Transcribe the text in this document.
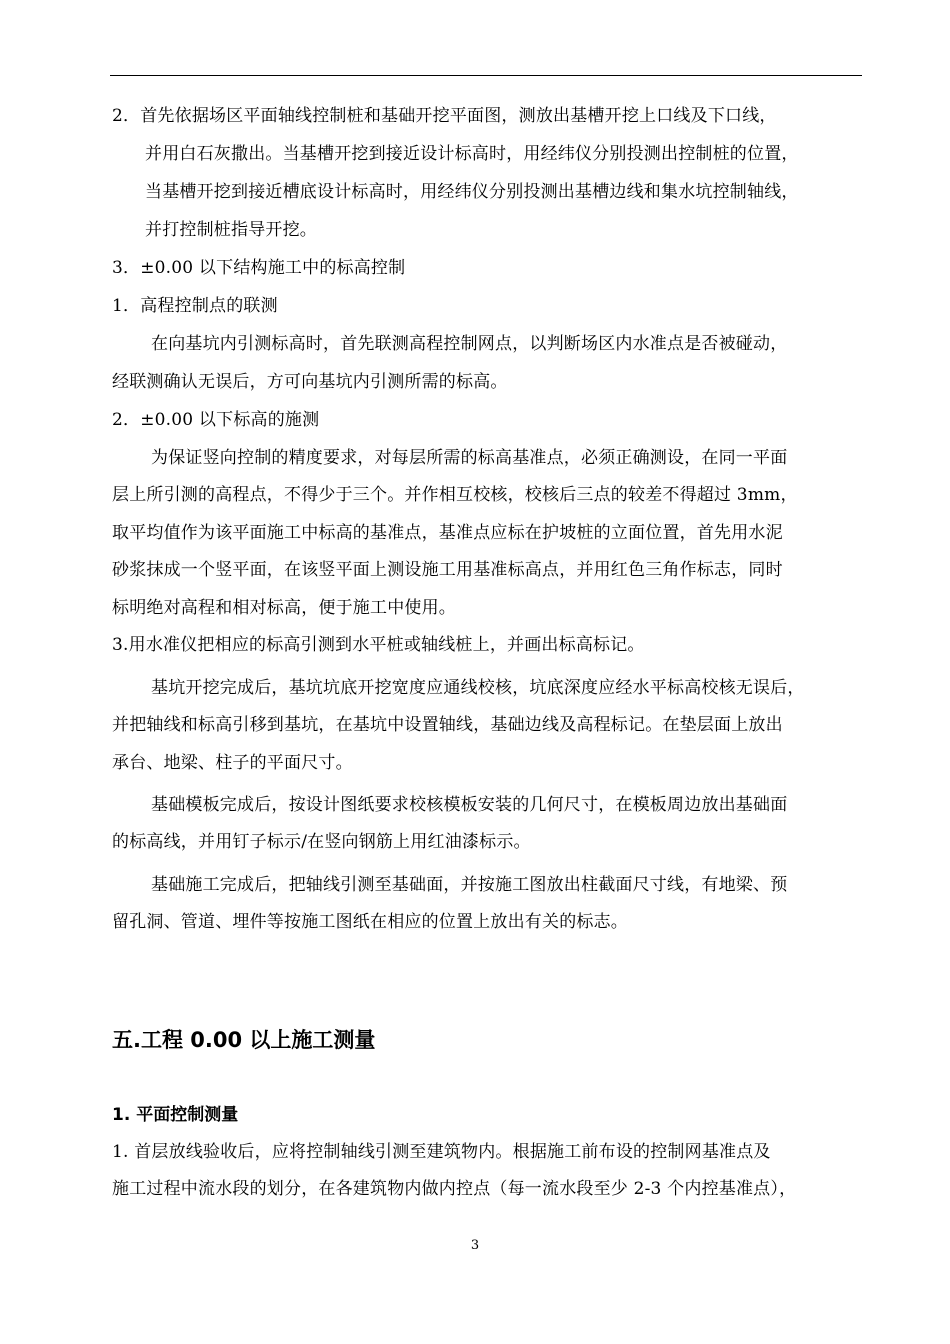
2．首先依据场区平面轴线控制桩和基础开挖平面图，测放出基槽开挖上口线及下口线，
并用白石灰撒出。当基槽开挖到接近设计标高时，用经纬仪分别投测出控制桩的位置，
当基槽开挖到接近槽底设计标高时，用经纬仪分别投测出基槽边线和集水坑控制轴线，
并打控制桩指导开挖。
3．±0.00 以下结构施工中的标高控制
1．高程控制点的联测
在向基坑内引测标高时，首先联测高程控制网点，以判断场区内水准点是否被碰动，
经联测确认无误后，方可向基坑内引测所需的标高。
2．±0.00 以下标高的施测
为保证竖向控制的精度要求，对每层所需的标高基准点，必须正确测设，在同一平面
层上所引测的高程点，不得少于三个。并作相互校核，校核后三点的较差不得超过 3mm，
取平均值作为该平面施工中标高的基准点，基准点应标在护坡桩的立面位置，首先用水泥
砂浆抹成一个竖平面，在该竖平面上测设施工用基准标高点，并用红色三角作标志，同时
标明绝对高程和相对标高，便于施工中使用。
3.用水准仪把相应的标高引测到水平桩或轴线桩上，并画出标高标记。
基坑开挖完成后，基坑坑底开挖宽度应通线校核，坑底深度应经水平标高校核无误后，
并把轴线和标高引移到基坑，在基坑中设置轴线，基础边线及高程标记。在垫层面上放出
承台、地梁、柱子的平面尺寸。
基础模板完成后，按设计图纸要求校核模板安装的几何尺寸，在模板周边放出基础面
的标高线，并用钉子标示/在竖向钢筋上用红油漆标示。
基础施工完成后，把轴线引测至基础面，并按施工图放出柱截面尺寸线，有地梁、预
留孔洞、管道、埋件等按施工图纸在相应的位置上放出有关的标志。
五.工程 0.00 以上施工测量
1. 平面控制测量
1. 首层放线验收后，应将控制轴线引测至建筑物内。根据施工前布设的控制网基准点及
施工过程中流水段的划分，在各建筑物内做内控点（每一流水段至少 2-3 个内控基准点），
3
